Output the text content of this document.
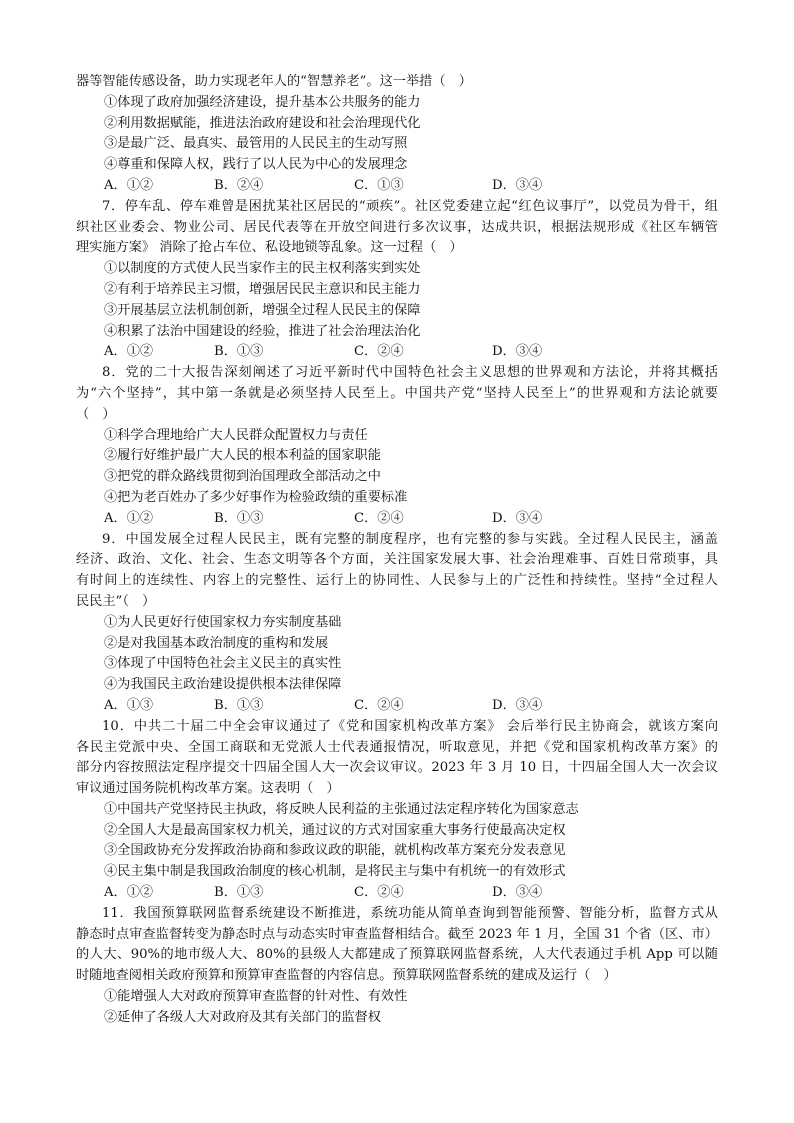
器等智能传感设备，助力实现老年人的“智慧养老”。这一举措（　）
①体现了政府加强经济建设，提升基本公共服务的能力
②利用数据赋能，推进法治政府建设和社会治理现代化
③是最广泛、最真实、最管用的人民民主的生动写照
④尊重和保障人权，践行了以人民为中心的发展理念
A．①②	B．②④	C．①③	D．③④
7．停车乱、停车难曾是困扰某社区居民的“顽疾”。社区党委建立起“红色议事厅”，以党员为骨干，组
织社区业委会、物业公司、居民代表等在开放空间进行多次议事，达成共识，根据法规形成《社区车辆管
理实施方案》 消除了抢占车位、私设地锁等乱象。这一过程（　）
①以制度的方式使人民当家作主的民主权利落实到实处
②有利于培养民主习惯，增强居民民主意识和民主能力
③开展基层立法机制创新，增强全过程人民民主的保障
④积累了法治中国建设的经验，推进了社会治理法治化
A．①②	B．①③	C．②④	D．③④
8．党的二十大报告深刻阐述了习近平新时代中国特色社会主义思想的世界观和方法论，并将其概括
为“六个坚持”，其中第一条就是必须坚持人民至上。中国共产党“坚持人民至上”的世界观和方法论就要
（　）
①科学合理地给广大人民群众配置权力与责任
②履行好维护最广大人民的根本利益的国家职能
③把党的群众路线贯彻到治国理政全部活动之中
④把为老百姓办了多少好事作为检验政绩的重要标准
A．①②	B．①③	C．②④	D．③④
9．中国发展全过程人民民主，既有完整的制度程序，也有完整的参与实践。全过程人民民主，涵盖
经济、政治、文化、社会、生态文明等各个方面，关注国家发展大事、社会治理难事、百姓日常琐事，具
有时间上的连续性、内容上的完整性、运行上的协同性、人民参与上的广泛性和持续性。坚持“全过程人
民民主”（　）
①为人民更好行使国家权力夯实制度基础
②是对我国基本政治制度的重构和发展
③体现了中国特色社会主义民主的真实性
④为我国民主政治建设提供根本法律保障
A．①③	B．①③	C．②④	D．③④
10．中共二十届二中全会审议通过了《党和国家机构改革方案》 会后举行民主协商会，就该方案向
各民主党派中央、全国工商联和无党派人士代表通报情况，听取意见，并把《党和国家机构改革方案》的
部分内容按照法定程序提交十四届全国人大一次会议审议。2023 年 3 月 10 日，十四届全国人大一次会议
审议通过国务院机构改革方案。这表明（　）
①中国共产党坚持民主执政，将反映人民利益的主张通过法定程序转化为国家意志
②全国人大是最高国家权力机关，通过议的方式对国家重大事务行使最高决定权
③全国政协充分发挥政治协商和参政议政的职能，就机构改革方案充分发表意见
④民主集中制是我国政治制度的核心机制，是将民主与集中有机统一的有效形式
A．①②	B．①③	C．②④	D．③④
11．我国预算联网监督系统建设不断推进，系统功能从简单查询到智能预警、智能分析，监督方式从
静态时点审查监督转变为静态时点与动态实时审查监督相结合。截至 2023 年 1 月，全国 31 个省（区、市）
的人大、90%的地市级人大、80%的县级人大都建成了预算联网监督系统，人大代表通过手机 App 可以随
时随地查阅相关政府预算和预算审查监督的内容信息。预算联网监督系统的建成及运行（　）
①能增强人大对政府预算审查监督的针对性、有效性
②延伸了各级人大对政府及其有关部门的监督权
